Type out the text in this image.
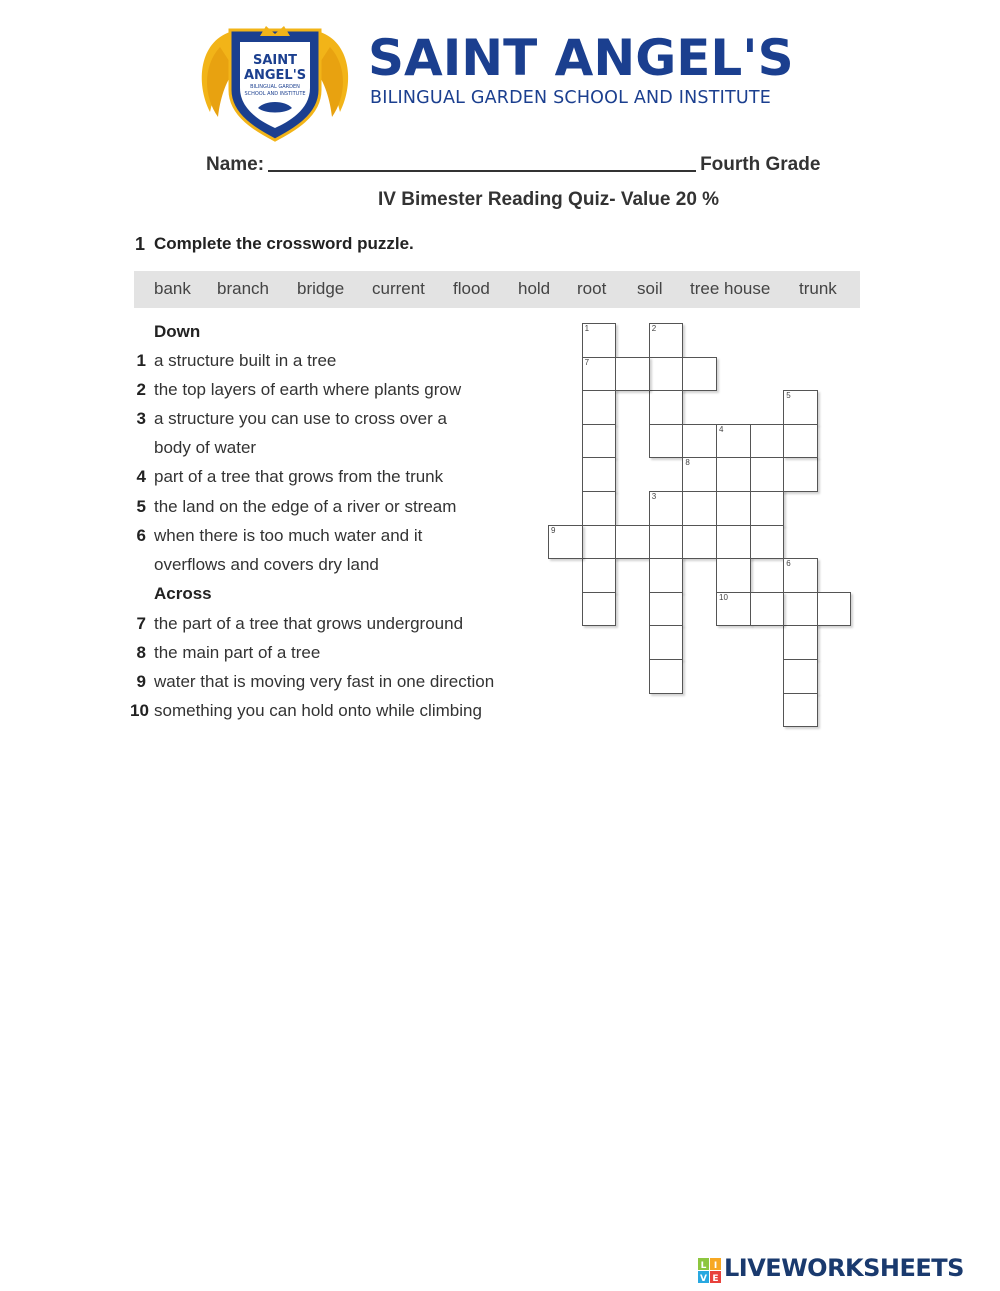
SAINT
ANGEL'S
BILINGUAL GARDEN
SCHOOL AND INSTITUTE
SAINT ANGEL'S
BILINGUAL GARDEN SCHOOL AND INSTITUTE
Name:	Fourth Grade
IV Bimester Reading Quiz- Value 20 %
1 Complete the crossword puzzle.
bank branch bridge current flood hold root soil tree house trunk
Down
1 a structure built in a tree
2 the top layers of earth where plants grow
3 a structure you can use to cross over a
body of water
4 part of a tree that grows from the trunk
5 the land on the edge of a river or stream
6 when there is too much water and it
overflows and covers dry land
Across
7 the part of a tree that grows underground
8 the main part of a tree
9 water that is moving very fast in one direction
10 something you can hold onto while climbing
1
7
2
4
8
5
3
9
10
6
L I
V E LIVEWORKSHEETS
